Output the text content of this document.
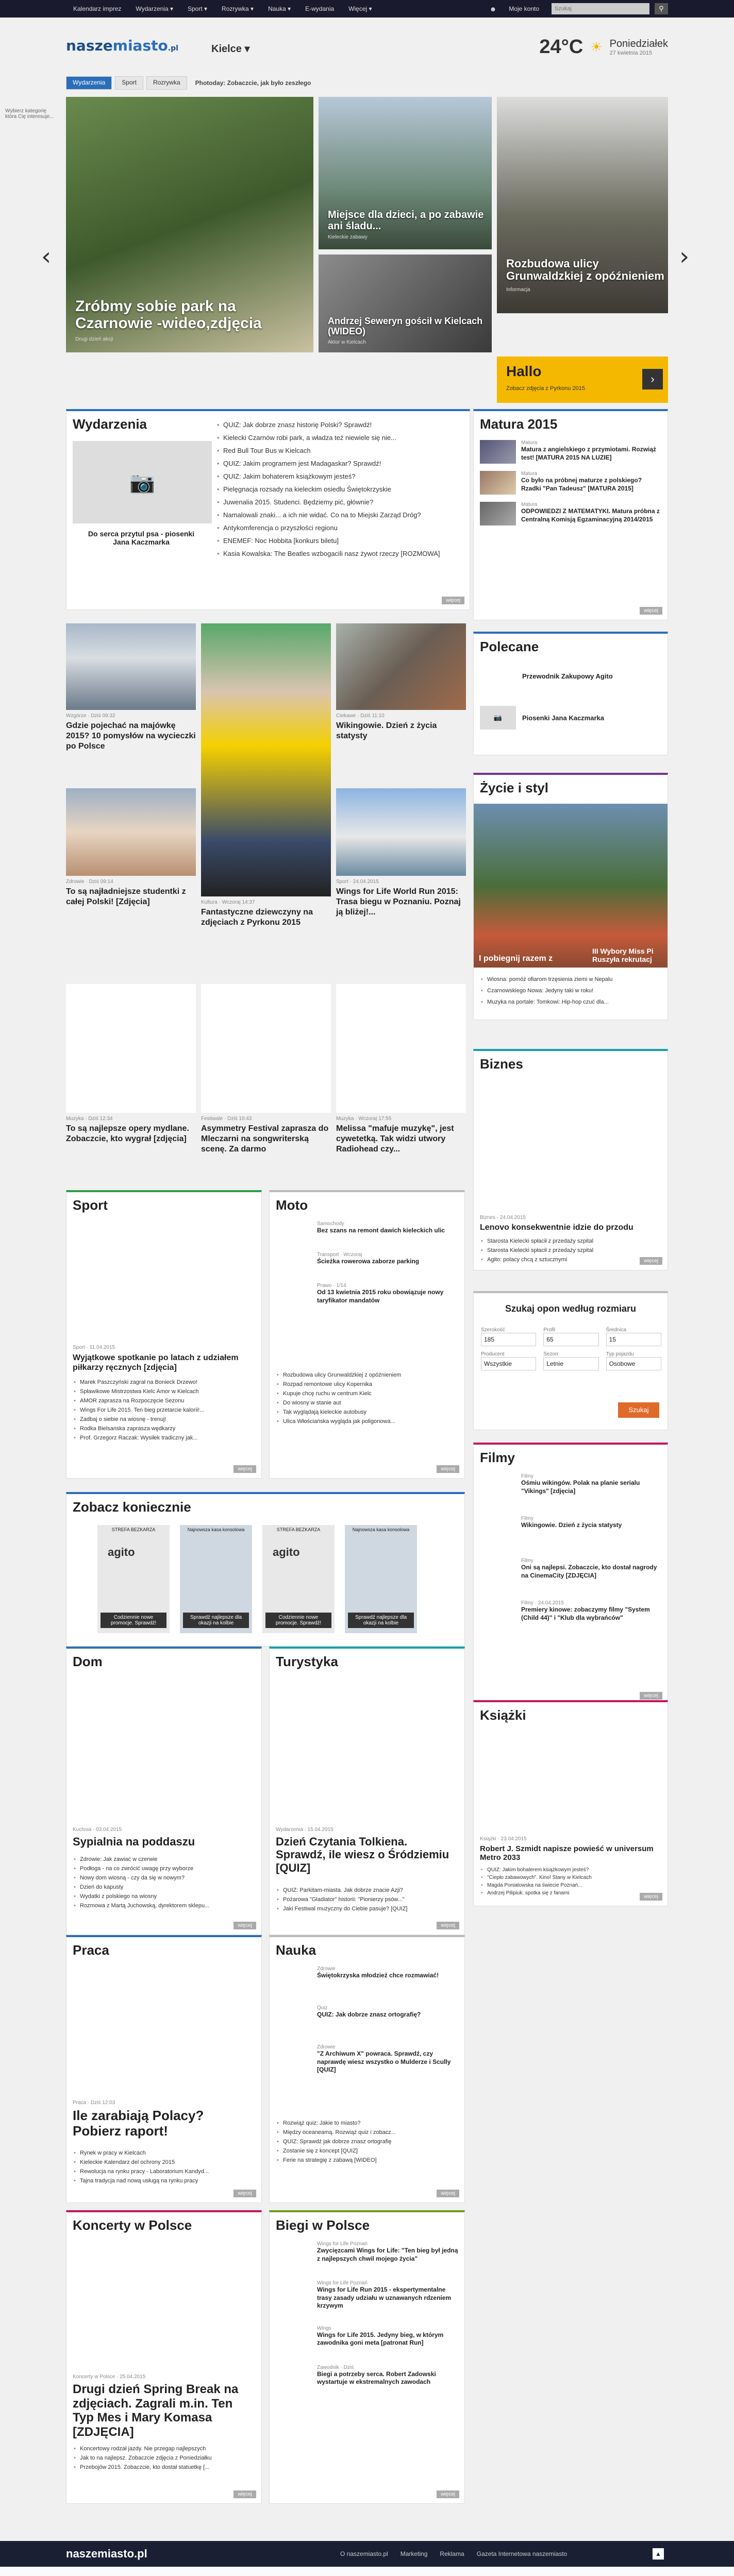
Kalendarz imprez	Wydarzenia ▾	Sport ▾	Rozrywka ▾	Nauka ▾	E-wydania	Więcej ▾	☻	Moje konto
Szukaj	⚲
naszemiasto.pl	Kielce ▾	24°C ☀ Poniedziałek
27 kwietnia 2015
Wybierz kategorię
która Cię interesuje...
Wydarzenia	Sport	Rozrywka	Photoday: Zobaczcie, jak było zeszłego
‹	›
Zróbmy sobie park na Czarnowie -wideo,zdjęcia
Drugi dzień akcji
Miejsce dla dzieci, a po zabawie ani śladu...
Kieleckie zabawy
Andrzej Seweryn gościł w Kielcach (WIDEO)
Aktor w Kielcach
Rozbudowa ulicy Grunwaldzkiej z opóźnieniem
Informacja
Hallo
Zobacz zdjęcia z Pyrkonu 2015
›
Wydarzenia
📷
Do serca przytul psa - piosenki Jana Kaczmarka
• QUIZ: Jak dobrze znasz historię Polski? Sprawdź!
• Kielecki Czarnów robi park, a władza też niewiele się nie...
• Red Bull Tour Bus w Kielcach
• QUIZ: Jakim programem jest Madagaskar? Sprawdź!
• QUIZ: Jakim bohaterem książkowym jesteś?
• Pielęgnacja rozsady na kieleckim osiedlu Świętokrzyskie
• Juwenalia 2015. Studenci. Będziemy pić, głównie?
• Namalowali znaki... a ich nie widać. Co na to Miejski Zarząd Dróg?
• Antykomferencja o przyszłości regionu
• ENEMEF: Noc Hobbita [konkurs biletu]
• Kasia Kowalska: The Beatles wzbogacili nasz żywot rzeczy [ROZMOWA]
więcej
Matura 2015
Matura
Matura z angielskiego z przymiotami. Rozwiąż test! [MATURA 2015 NA LUZIE]
Matura
Co było na próbnej maturze z polskiego? Rzadki "Pan Tadeusz" [MATURA 2015]
Matura
ODPOWIEDZI Z MATEMATYKI. Matura próbna z Centralną Komisją Egzaminacyjną 2014/2015
więcej
Wzgórze · Dziś 09:32
Gdzie pojechać na majówkę 2015? 10 pomysłów na wycieczki po Polsce
Kultura · Wczoraj 14:37
Fantastyczne dziewczyny na zdjęciach z Pyrkonu 2015
Ciekawe · Dziś 11:10
Wikingowie. Dzień z życia statysty
Zdrowie · Dziś 09:14
To są najładniejsze studentki z całej Polski! [Zdjęcia]
Sport · 24.04.2015
Wings for Life World Run 2015: Trasa biegu w Poznaniu. Poznaj ją bliżej!...
Muzyka · Dziś 12:34
To są najlepsze opery mydlane. Zobaczcie, kto wygrał [zdjęcia]
Festiwale · Dziś 10:43
Asymmetry Festival zaprasza do Mleczarni na songwriterską scenę. Za darmo
Muzyka · Wczoraj 17:55
Melissa "mafuje muzykę", jest cywetetką. Tak widzi utwory Radiohead czy...
Polecane
Przewodnik Zakupowy Agito
📷	Piosenki Jana Kaczmarka
Życie i styl
I pobiegnij razem z
III Wybory Miss Pi Ruszyła rekrutacj
• Wiosna: pomóż ofiarom trzęsienia ziemi w Nepalu
• Czarnowskiego Nowa: Jedyny taki w roku!
• Muzyka na portale: Tomkowi: Hip-hop czuć dla...
Biznes
Biznes · 24.04.2015
Lenovo konsekwentnie idzie do przodu
• Starosta Kielecki spłacił z przedaży szpital
• Starosta Kielecki spłacił z przedaży szpital
• Agito: polacy chcą z sztucznymi	więcej
Sport
Sport · 11.04.2015
Wyjątkowe spotkanie po latach z udziałem piłkarzy ręcznych [zdjęcia]
• Marek Paszczyński zagrał na Bonieck Drzewo!
• Spławikowe Mistrzostwa Kielc Amor w Kielcach
• AMOR zaprasza na Rozpoczęcie Sezonu
• Wings For Life 2015. Ten bieg przetarcie kalorii!...
• Zadbaj o siebie na wiosnę - trenuj!
• Rodka Bielsanska zaprasza wędkarzy
• Prof. Grzegorz Raczak: Wysiłek tradiczny jak...
więcej
Moto
Samochody
Bez szans na remont dawich kieleckich ulic
Transport · Wczoraj
Ścieżka rowerowa zaborze parking
Prawo · 1/14
Od 13 kwietnia 2015 roku obowiązuje nowy taryfikator mandatów
• Rozbudowa ulicy Grunwaldzkiej z opóźnieniem
• Rozpad remontowe ulicy Kopernika
• Kupuje chcę ruchu w centrum Kielc
• Do wiosny w stanie aut
• Tak wyglądają kieleckie autobusy
• Ulica Włościańska wygląda jak poligonowa...
więcej
Szukaj opon według rozmiaru
Szerokość
185
Profil
65
Średnica
15
Producent
Wszystkie
Sezon
Letnie
Typ pojazdu
Osobowe
Szukaj
Filmy
Filmy
Ośmiu wikingów. Polak na planie serialu "Vikings" [zdjęcia]
Filmy
Wikingowie. Dzień z życia statysty
Filmy
Oni są najlepsi. Zobaczcie, kto dostał nagrody na CinemaCity [ZDJĘCIA]
Filmy · 24.04.2015
Premiery kinowe: zobaczymy filmy "System (Child 44)" i "Klub dla wybrańców"
więcej
Zobacz koniecznie
STREFA BEZKARZA
agito
Codziennie nowe promocje. Sprawdź!
Najnowsza kasa konsolowa
Sprawdź najlepsze dla okazji na kolbie
STREFA BEZKARZA
agito
Codziennie nowe promocje. Sprawdź!
Najnowsza kasa konsolowa
Sprawdź najlepsze dla okazji na kolbie
Dom
Kuchnia · 03.04.2015
Sypialnia na poddaszu
• Zdrowie: Jak zawiać w czerwie
• Podłoga - na co zwrócić uwagę przy wyborze
• Nowy dom wiosną - czy da się w nowym?
• Dzień do kapusty
• Wydatki z polskiego na wiosny
• Rozmowa z Martą Juchowską, dyrektorem sklepu...
więcej
Turystyka
Wydarzenia · 15.04.2015
Dzień Czytania Tolkiena. Sprawdź, ile wiesz o Śródziemiu [QUIZ]
• QUIZ: Parkitam-miasta. Jak dobrze znacie Azji?
• Pożarowa "Gladiator" historii: "Pionierzy psów..."
• Jaki Festiwal muzyczny do Ciebie pasuje? [QUIZ]
więcej
Książki
Książki · 23.04.2015
Robert J. Szmidt napisze powieść w universum Metro 2033
• QUIZ: Jakim bohaterem książkowym jesteś?
• "Ciepło zabawowych". Kino! Stany w Kielcach
• Magda Poniatowska na świecie Poznań...
• Andrzej Pilipiuk: spotka się z fanami
więcej
Praca
Praca · Dziś 12:03
Ile zarabiają Polacy? Pobierz raport!
• Rynek w pracy w Kielcach
• Kieleckie Kalendarz del ochrony 2015
• Rewolucja na rynku pracy - Laboratorium Kandyd...
• Tajna tradycja nad nową usługą na rynku pracy
więcej
Nauka
Zdrowie
Świętokrzyska młodzież chce rozmawiać!
Quiz
QUIZ: Jak dobrze znasz ortografię?
Zdrowie
"Z Archiwum X" powraca. Sprawdź, czy naprawdę wiesz wszystko o Mulderze i Scully [QUIZ]
• Rozwiąż quiz: Jakie to miasto?
• Między oceaneamą. Rozwiąż quiz i zobacz...
• QUIZ: Sprawdź jak dobrze znasz ortografię
• Zostanie się z koncept [QUIZ]
• Ferie na strategię z zabawą [WIDEO]
więcej
Koncerty w Polsce
Koncerty w Polsce · 25.04.2015
Drugi dzień Spring Break na zdjęciach. Zagrali m.in. Ten Typ Mes i Mary Komasa [ZDJĘCIA]
• Koncertowy rodzał jazdy. Nie przegap najlepszych
• Jak to na najlepsz. Zobaczcie zdjęcia z Poniedziałku
• Przebojów 2015. Zobaczcie, kto dostał statuetkę [...
więcej
Biegi w Polsce
Wings for Life Poznań
Zwycięzcami Wings for Life: "Ten bieg był jedną z najlepszych chwil mojego życia"
Wings for Life Poznań
Wings for Life Run 2015 - ekspertymentalne trasy zasady udziału w uznawanych rdzeniem krzywym
Wings
Wings for Life 2015. Jedyny bieg, w którym zawodnika goni meta [patronat Run]
Zawodnik · Dziś
Biegi a potrzeby serca. Robert Zadowski wystartuje w ekstremalnych zawodach
więcej
naszemiasto.pl	O naszemiasto.pl Marketing Reklama Gazeta Internetowa naszemiasto	▲
